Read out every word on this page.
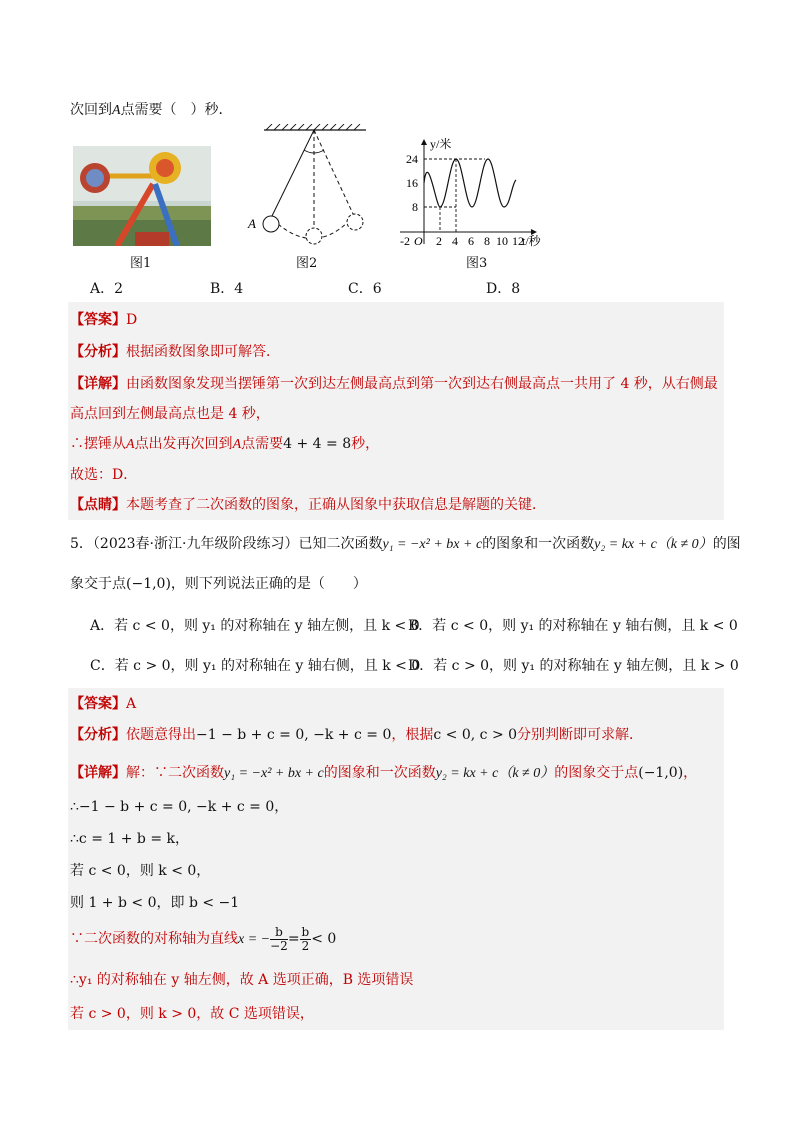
次回到A点需要（　）秒．
图1
A
图2
y/米
24
16
8
-2 O 2 4 6 8 10 12
t/秒
图3
A．2	B．4	C．6	D．8
【答案】D
【分析】根据函数图象即可解答．
【详解】由函数图象发现当摆锤第一次到达左侧最高点到第一次到达右侧最高点一共用了 4 秒，从右侧最
高点回到左侧最高点也是 4 秒，
∴摆锤从A点出发再次回到A点需要4 + 4 = 8秒，
故选：D．
【点睛】本题考查了二次函数的图象，正确从图象中获取信息是解题的关键．
5．（2023春·浙江·九年级阶段练习）已知二次函数y₁ = −x² + bx + c的图象和一次函数y₂ = kx + c（k ≠ 0）的图
象交于点(−1,0)，则下列说法正确的是（　　）
A．若 c < 0，则 y₁ 的对称轴在 y 轴左侧，且 k < 0
B．若 c < 0，则 y₁ 的对称轴在 y 轴右侧，且 k < 0
C．若 c > 0，则 y₁ 的对称轴在 y 轴右侧，且 k < 0
D．若 c > 0，则 y₁ 的对称轴在 y 轴左侧，且 k > 0
【答案】A
【分析】依题意得出−1 − b + c = 0, −k + c = 0，根据c < 0, c > 0分别判断即可求解．
【详解】解：∵二次函数y₁ = −x² + bx + c的图象和一次函数y₂ = kx + c（k ≠ 0）的图象交于点(−1,0)，
∴−1 − b + c = 0, −k + c = 0，
∴c = 1 + b = k，
若 c < 0，则 k < 0，
则 1 + b < 0，即 b < −1
∵二次函数的对称轴为直线x = − $\frac{b}{-2} = \frac{b}{2} < 0$
∴y₁ 的对称轴在 y 轴左侧，故 A 选项正确，B 选项错误
若 c > 0，则 k > 0，故 C 选项错误，
